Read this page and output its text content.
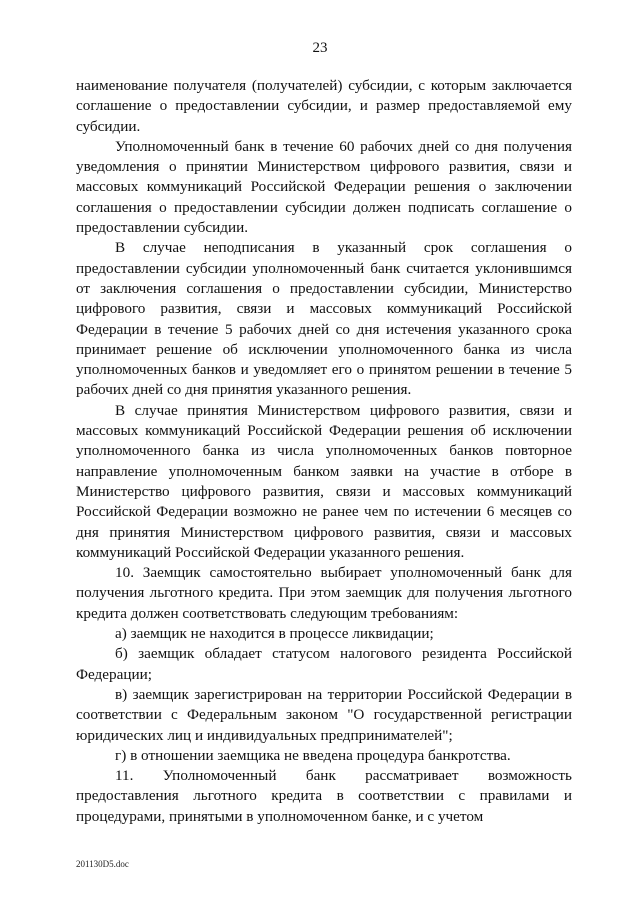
23

наименование получателя (получателей) субсидии, с которым заключается соглашение о предоставлении субсидии, и размер предоставляемой ему субсидии.

Уполномоченный банк в течение 60 рабочих дней со дня получения уведомления о принятии Министерством цифрового развития, связи и массовых коммуникаций Российской Федерации решения о заключении соглашения о предоставлении субсидии должен подписать соглашение о предоставлении субсидии.

В случае неподписания в указанный срок соглашения о предоставлении субсидии уполномоченный банк считается уклонившимся от заключения соглашения о предоставлении субсидии, Министерство цифрового развития, связи и массовых коммуникаций Российской Федерации в течение 5 рабочих дней со дня истечения указанного срока принимает решение об исключении уполномоченного банка из числа уполномоченных банков и уведомляет его о принятом решении в течение 5 рабочих дней со дня принятия указанного решения.

В случае принятия Министерством цифрового развития, связи и массовых коммуникаций Российской Федерации решения об исключении уполномоченного банка из числа уполномоченных банков повторное направление уполномоченным банком заявки на участие в отборе в Министерство цифрового развития, связи и массовых коммуникаций Российской Федерации возможно не ранее чем по истечении 6 месяцев со дня принятия Министерством цифрового развития, связи и массовых коммуникаций Российской Федерации указанного решения.

10. Заемщик самостоятельно выбирает уполномоченный банк для получения льготного кредита. При этом заемщик для получения льготного кредита должен соответствовать следующим требованиям:

а) заемщик не находится в процессе ликвидации;

б) заемщик обладает статусом налогового резидента Российской Федерации;

в) заемщик зарегистрирован на территории Российской Федерации в соответствии с Федеральным законом "О государственной регистрации юридических лиц и индивидуальных предпринимателей";

г) в отношении заемщика не введена процедура банкротства.

11. Уполномоченный банк рассматривает возможность предоставления льготного кредита в соответствии с правилами и процедурами, принятыми в уполномоченном банке, и с учетом

201130D5.doc
